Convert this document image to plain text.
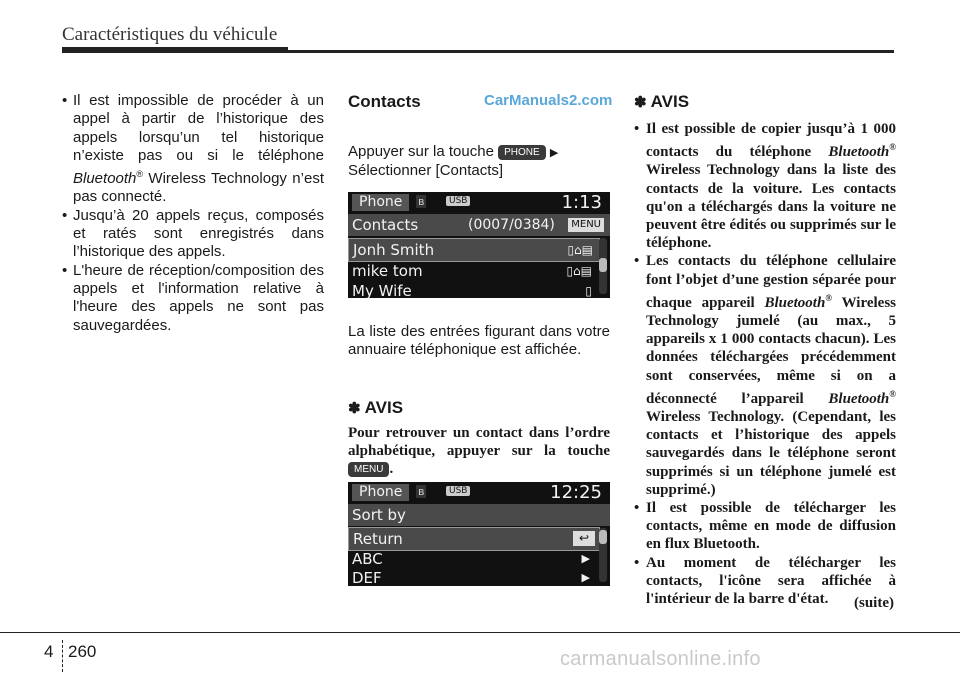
Caractéristiques du véhicule
• Il est impossible de procéder à un appel à partir de l’historique des appels lorsqu’un tel historique n’existe pas ou si le téléphone Bluetooth® Wireless Technology n’est pas connecté.
• Jusqu’à 20 appels reçus, composés et ratés sont enregistrés dans l’historique des appels.
• L'heure de réception/composition des appels et l'information relative à l'heure des appels ne sont pas sauvegardées.
Contacts	CarManuals2.com
Appuyer sur la touche PHONE ▶
Sélectionner [Contacts]
Phone	ʙ	USB	1:13
Contacts	(0007/0384)	MENU
Jonh Smith	▯⌂▤
mike tom	▯⌂▤
My Wife	▯
La liste des entrées figurant dans votre annuaire téléphonique est affichée.
✽ AVIS
Pour retrouver un contact dans l’ordre alphabétique, appuyer sur la touche MENU .
Phone	ʙ	USB	12:25
Sort by
Return	↩
ABC	▶
DEF	▶
✽ AVIS
• Il est possible de copier jusqu’à 1 000 contacts du téléphone Bluetooth® Wireless Technology dans la liste des contacts de la voiture. Les contacts qu'on a téléchargés dans la voiture ne peuvent être édités ou supprimés sur le téléphone.
• Les contacts du téléphone cellulaire font l’objet d’une gestion séparée pour chaque appareil Bluetooth® Wireless Technology jumelé (au max., 5 appareils x 1 000 contacts chacun). Les données téléchargées précédemment sont conservées, même si on a déconnecté l’appareil Bluetooth® Wireless Technology. (Cependant, les contacts et l’historique des appels sauvegardés dans le téléphone seront supprimés si un téléphone jumelé est supprimé.)
• Il est possible de télécharger les contacts, même en mode de diffusion en flux Bluetooth.
• Au moment de télécharger les contacts, l'icône sera affichée à l'intérieur de la barre d'état.	(suite)
4 260	carmanualsonline.info
